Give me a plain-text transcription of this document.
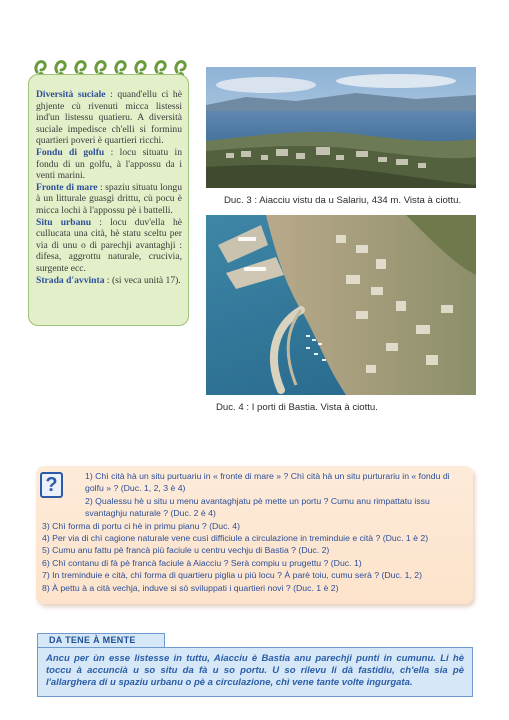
Diversità suciale : quand'ellu ci hè ghjente cù rivenuti micca listessi ind'un listessu quatieru. A diversità suciale impedisce ch'elli si forminu quartieri poveri è quartieri ricchi.

Fondu di golfu : locu situatu in fondu di un golfu, à l'appossu da i venti marini.

Fronte di mare : spaziu situatu longu à un litturale guasgi drittu, cù pocu è micca lochi à l'appossu pè i battelli.

Situ urbanu : locu duv'ella hè cullucata una cità, hè statu sceltu per via di unu o di parechji avantaghji : difesa, aggrottu naturale, crucivia, surgente ecc.

Strada d'avvinta : (si veca unità 17).

Duc. 3 : Aiacciu vistu da u Salariu, 434 m. Vista à ciottu.
Duc. 4 : I porti di Bastia. Vista à ciottu.
?	1) Chì cità hà un situ purtuariu in « fronte di mare » ? Chì cità hà un situ purturariu in « fondu di golfu » ? (Duc. 1, 2, 3 è 4)

2) Qualessu hè u situ u menu avantaghjatu pè mette un portu ? Cumu anu rimpattatu issu svantaghju naturale ? (Duc. 2 è 4)

3) Chì forma di portu ci hè in primu pianu ? (Duc. 4)

4) Per via di chì cagione naturale vene cusì difficiule a circulazione in treminduie e cità ? (Duc. 1 è 2)

5) Cumu anu fattu pè francà più faciule u centru vechju di Bastia ? (Duc. 2)

6) Chì contanu di fà pè francà faciule à Aiacciu ? Serà compiu u prugettu ? (Duc. 1)

7) In treminduie e cità, chì forma di quartieru piglia u più locu ? À parè toiu, cumu serà ? (Duc. 1, 2)

8) À pettu à a cità vechja, induve si sò sviluppati i quartieri novi ? (Duc. 1 è 2)

DA TENE À MENTE
Ancu per ùn esse listesse in tuttu, Aiacciu è Bastia anu parechji punti in cumunu. Li hè toccu à accuncià u so situ da fà u so portu. U so rilevu li dà fastidiu, ch'ella sia pè l'allarghera di u spaziu urbanu o pè a circulazione, chì vene tante volte ingurgata.
